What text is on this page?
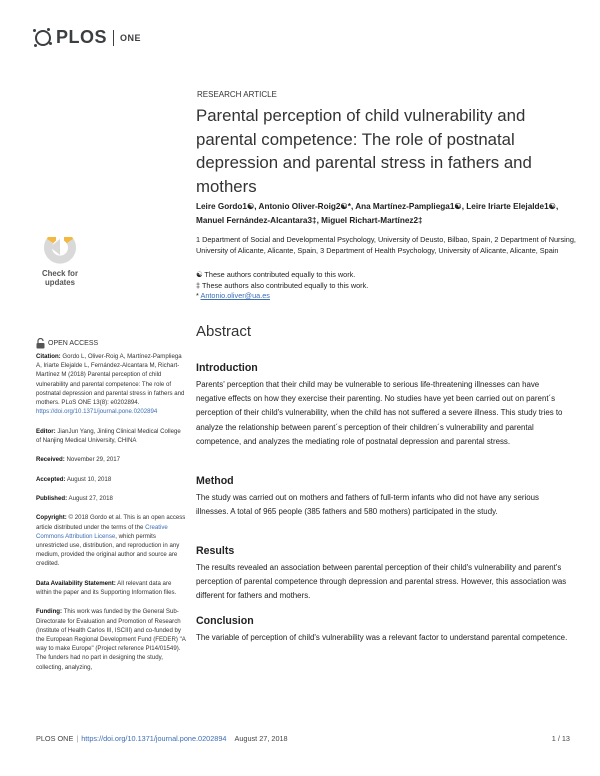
PLOS ONE
RESEARCH ARTICLE
Parental perception of child vulnerability and parental competence: The role of postnatal depression and parental stress in fathers and mothers
Leire Gordo1☯, Antonio Oliver-Roig2☯*, Ana Martínez-Pampliega1☯, Leire Iriarte Elejalde1☯, Manuel Fernández-Alcantara3‡, Miguel Richart-Martínez2‡
1 Department of Social and Developmental Psychology, University of Deusto, Bilbao, Spain, 2 Department of Nursing, University of Alicante, Alicante, Spain, 3 Department of Health Psychology, University of Alicante, Alicante, Spain
☯ These authors contributed equally to this work.
‡ These authors also contributed equally to this work.
* Antonio.oliver@ua.es
Check for updates
OPEN ACCESS

Citation: Gordo L, Oliver-Roig A, Martínez-Pampliega A, Iriarte Elejalde L, Fernández-Alcantara M, Richart-Martínez M (2018) Parental perception of child vulnerability and parental competence: The role of postnatal depression and parental stress in fathers and mothers. PLoS ONE 13(8): e0202894. https://doi.org/10.1371/journal.pone.0202894

Editor: JianJun Yang, Jinling Clinical Medical College of Nanjing Medical University, CHINA

Received: November 29, 2017

Accepted: August 10, 2018

Published: August 27, 2018

Copyright: © 2018 Gordo et al. This is an open access article distributed under the terms of the Creative Commons Attribution License, which permits unrestricted use, distribution, and reproduction in any medium, provided the original author and source are credited.

Data Availability Statement: All relevant data are within the paper and its Supporting Information files.

Funding: This work was funded by the General Sub-Directorate for Evaluation and Promotion of Research (Institute of Health Carlos III, ISCIII) and co-funded by the European Regional Development Fund (FEDER) "A way to make Europe" (Project reference PI14/01549). The funders had no part in designing the study, collecting, analyzing,

Abstract
Introduction

Parents' perception that their child may be vulnerable to serious life-threatening illnesses can have negative effects on how they exercise their parenting. No studies have yet been carried out on parent´s perception of their child's vulnerability, when the child has not suffered a severe illness. This study tries to analyze the relationship between parent´s perception of their children´s vulnerability and parental competence, and analyzes the mediating role of postnatal depression and parental stress.

Method

The study was carried out on mothers and fathers of full-term infants who did not have any serious illnesses. A total of 965 people (385 fathers and 580 mothers) participated in the study.

Results

The results revealed an association between parental perception of their child's vulnerability and parent's perception of parental competence through depression and parental stress. However, this association was different for fathers and mothers.

Conclusion

The variable of perception of child's vulnerability was a relevant factor to understand parental competence.

PLOS ONE | https://doi.org/10.1371/journal.pone.0202894 August 27, 2018	1 / 13
